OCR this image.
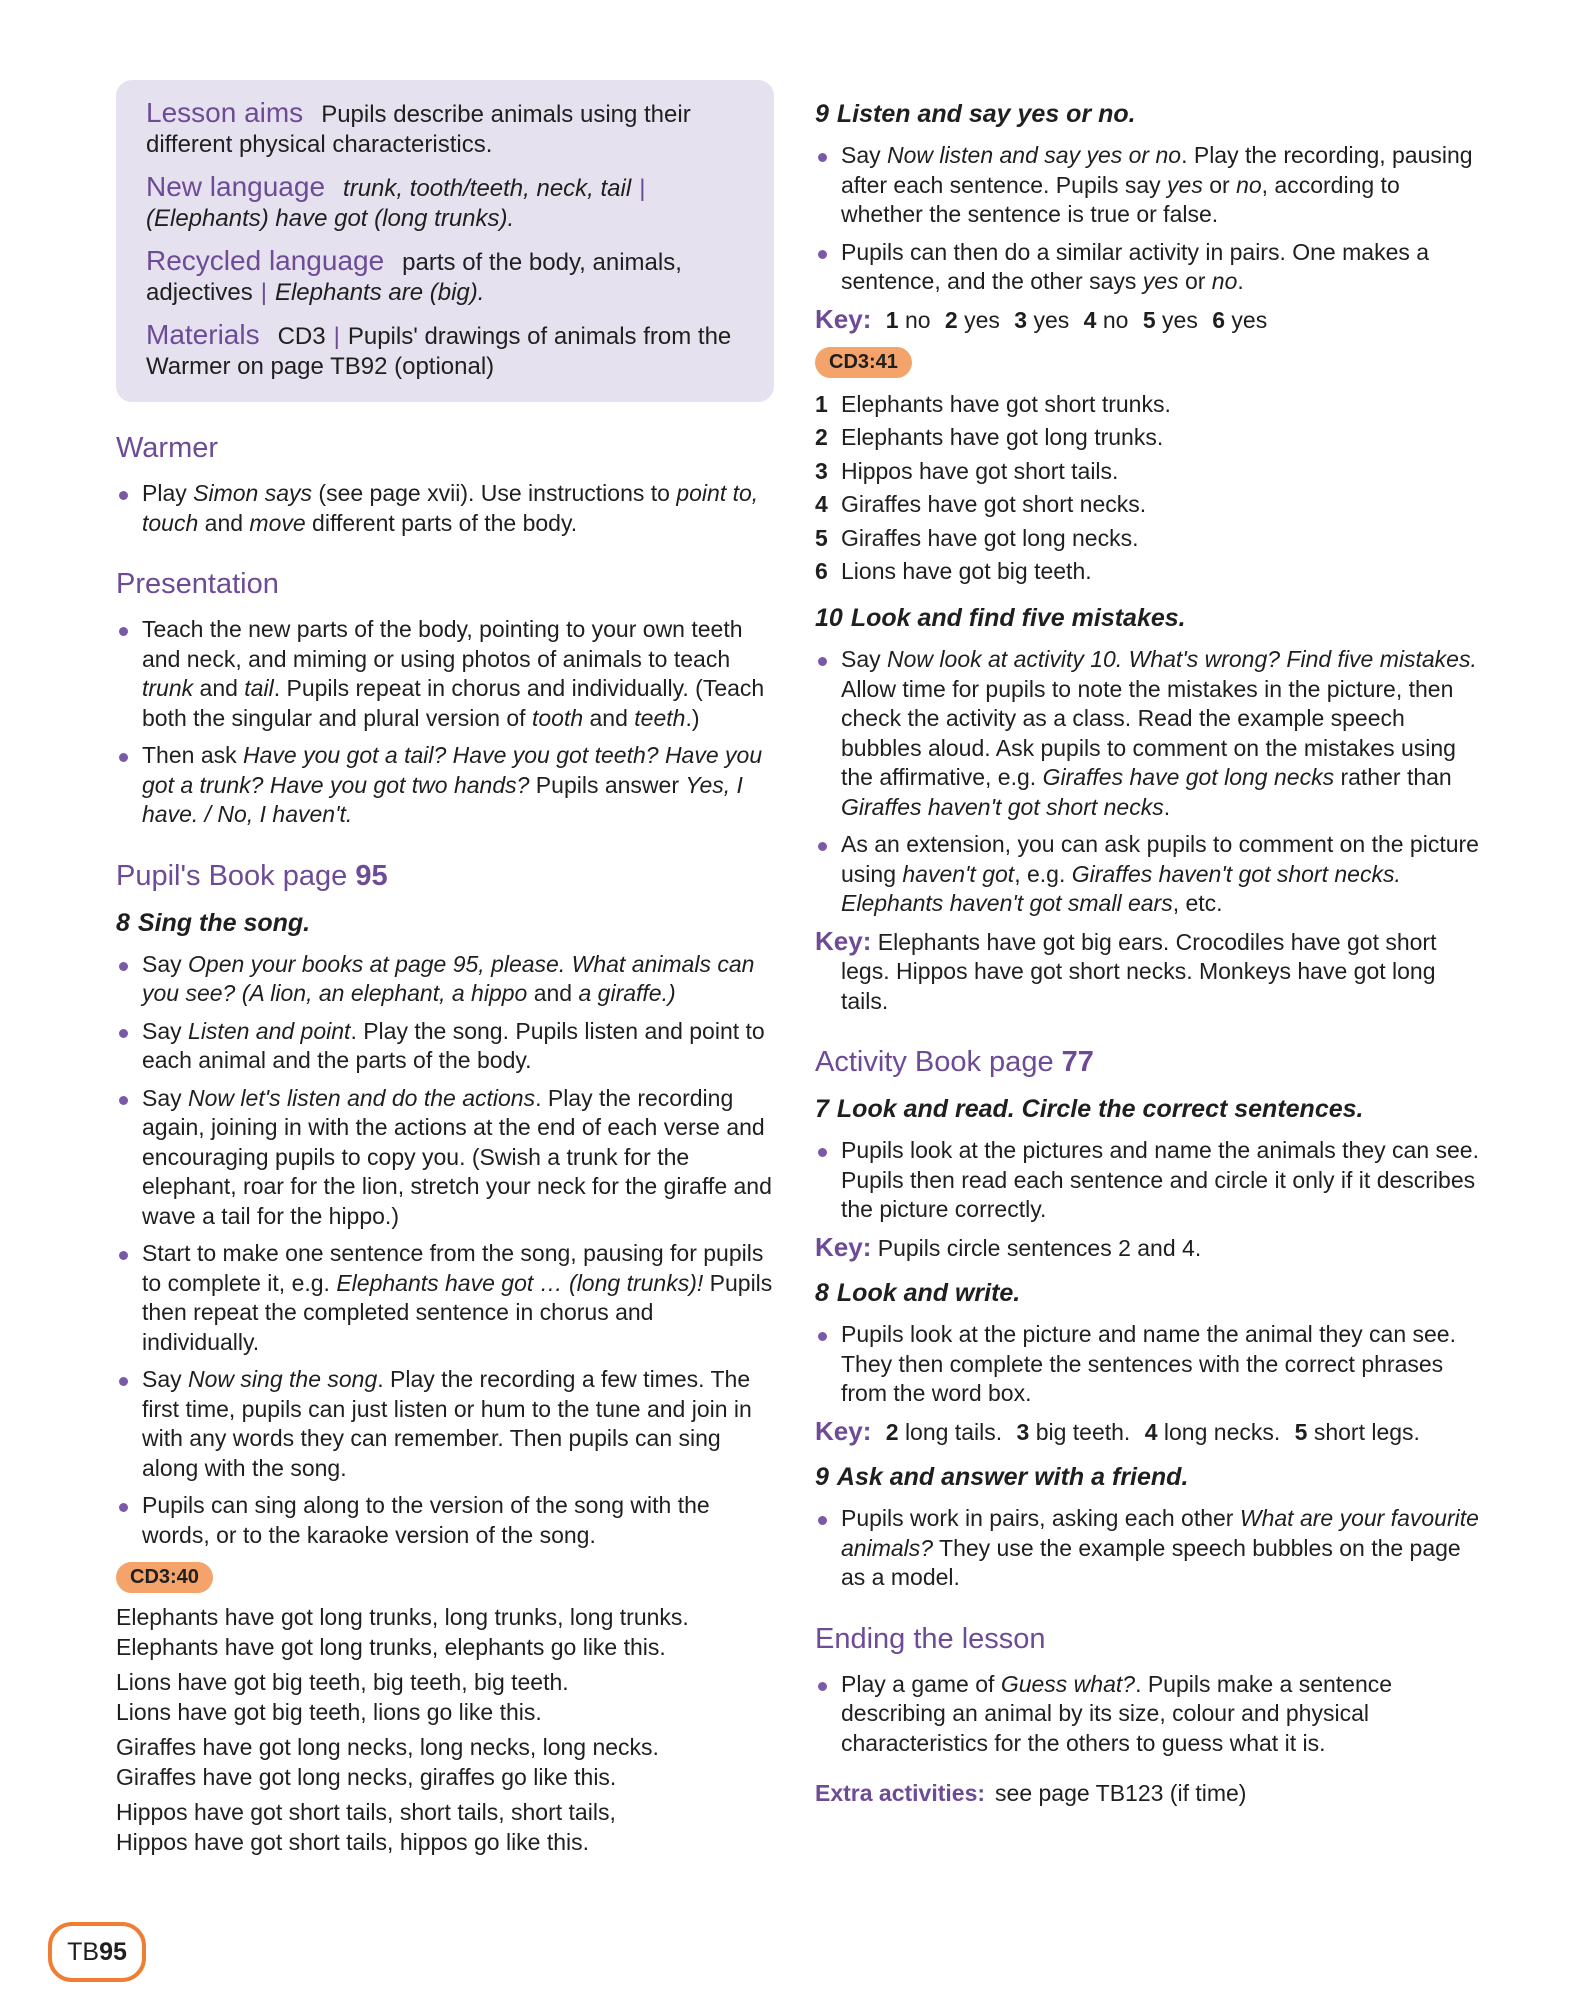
Lesson aims Pupils describe animals using their different physical characteristics.

New language trunk, tooth/teeth, neck, tail |(Elephants) have got (long trunks).

Recycled language parts of the body, animals, adjectives | Elephants are (big).

Materials CD3 | Pupils' drawings of animals from the Warmer on page TB92 (optional)

Warmer
Play Simon says (see page xvii). Use instructions to point to, touch and move different parts of the body.
Presentation
Teach the new parts of the body, pointing to your own teeth and neck, and miming or using photos of animals to teach trunk and tail. Pupils repeat in chorus and individually. (Teach both the singular and plural version of tooth and teeth.)
Then ask Have you got a tail? Have you got teeth? Have you got a trunk? Have you got two hands? Pupils answer Yes, I have. / No, I haven't.
Pupil's Book page 95
8 Sing the song.
Say Open your books at page 95, please. What animals can you see? (A lion, an elephant, a hippo and a giraffe.)
Say Listen and point. Play the song. Pupils listen and point to each animal and the parts of the body.
Say Now let's listen and do the actions. Play the recording again, joining in with the actions at the end of each verse and encouraging pupils to copy you. (Swish a trunk for the elephant, roar for the lion, stretch your neck for the giraffe and wave a tail for the hippo.)
Start to make one sentence from the song, pausing for pupils to complete it, e.g. Elephants have got … (long trunks)! Pupils then repeat the completed sentence in chorus and individually.
Say Now sing the song. Play the recording a few times. The first time, pupils can just listen or hum to the tune and join in with any words they can remember. Then pupils can sing along with the song.
Pupils can sing along to the version of the song with the words, or to the karaoke version of the song.
CD3:40

Elephants have got long trunks, long trunks, long trunks.
Elephants have got long trunks, elephants go like this.

Lions have got big teeth, big teeth, big teeth.
Lions have got big teeth, lions go like this.

Giraffes have got long necks, long necks, long necks.
Giraffes have got long necks, giraffes go like this.

Hippos have got short tails, short tails, short tails,
Hippos have got short tails, hippos go like this.

9 Listen and say yes or no.
Say Now listen and say yes or no. Play the recording, pausing after each sentence. Pupils say yes or no, according to whether the sentence is true or false.
Pupils can then do a similar activity in pairs. One makes a sentence, and the other says yes or no.
Key: 1 no 2 yes 3 yes 4 no 5 yes 6 yes
CD3:41
1 Elephants have got short trunks.
2 Elephants have got long trunks.
3 Hippos have got short tails.
4 Giraffes have got short necks.
5 Giraffes have got long necks.
6 Lions have got big teeth.
10 Look and find five mistakes.
Say Now look at activity 10. What's wrong? Find five mistakes. Allow time for pupils to note the mistakes in the picture, then check the activity as a class. Read the example speech bubbles aloud. Ask pupils to comment on the mistakes using the affirmative, e.g. Giraffes have got long necks rather than Giraffes haven't got short necks.
As an extension, you can ask pupils to comment on the picture using haven't got, e.g. Giraffes haven't got short necks. Elephants haven't got small ears, etc.
Key: Elephants have got big ears. Crocodiles have got short legs. Hippos have got short necks. Monkeys have got long tails.
Activity Book page 77
7 Look and read. Circle the correct sentences.
Pupils look at the pictures and name the animals they can see. Pupils then read each sentence and circle it only if it describes the picture correctly.
Key: Pupils circle sentences 2 and 4.
8 Look and write.
Pupils look at the picture and name the animal they can see. They then complete the sentences with the correct phrases from the word box.
Key: 2 long tails. 3 big teeth. 4 long necks. 5 short legs.
9 Ask and answer with a friend.
Pupils work in pairs, asking each other What are your favourite animals? They use the example speech bubbles on the page as a model.
Ending the lesson
Play a game of Guess what?. Pupils make a sentence describing an animal by its size, colour and physical characteristics for the others to guess what it is.
Extra activities: see page TB123 (if time)
TB 95
